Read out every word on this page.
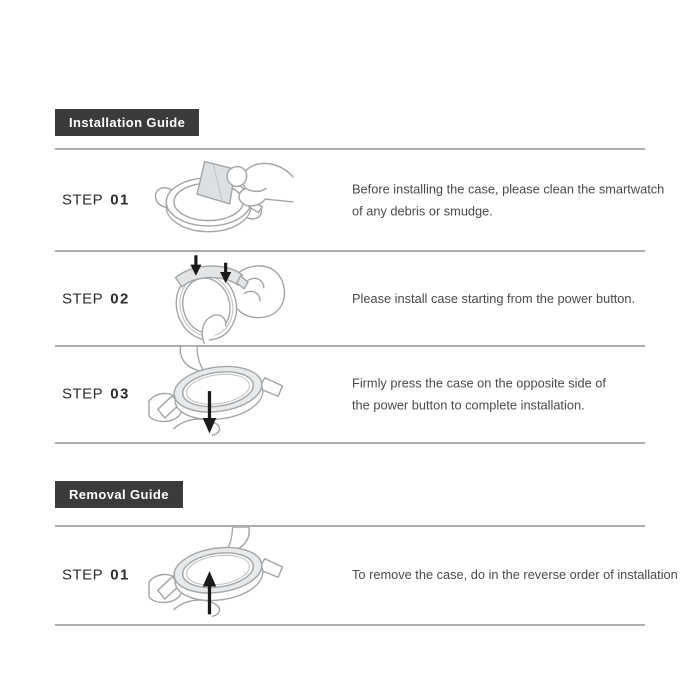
Installation Guide
STEP 01
Before installing the case, please clean the smartwatch
of any debris or smudge.
STEP 02	Please install case starting from the power button.
STEP 03
Firmly press the case on the opposite side of
the power button to complete installation.
Removal Guide
STEP 01	To remove the case, do in the reverse order of installation
